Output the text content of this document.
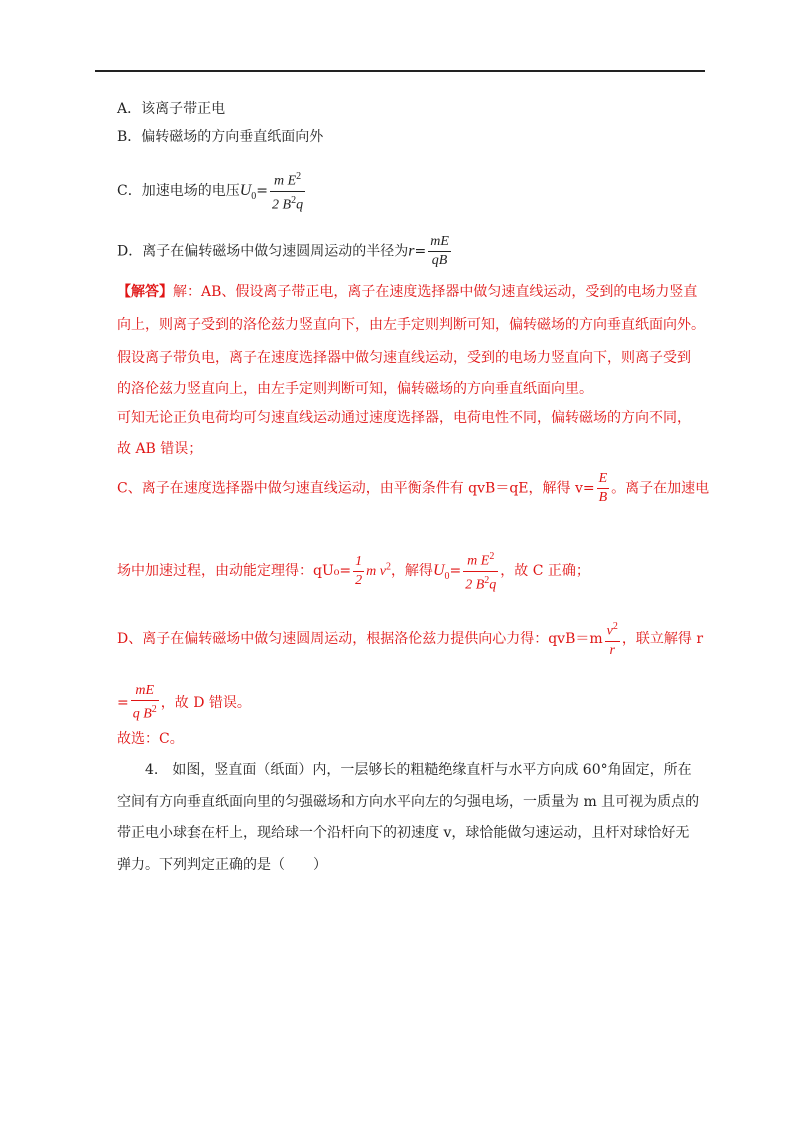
A．该离子带正电
B．偏转磁场的方向垂直纸面向外
C．加速电场的电压$U_0= \frac{m E^2}{2 B^2q}$
D．离子在偏转磁场中做匀速圆周运动的半径为$r= \frac{mE}{qB}$
【解答】解：AB、假设离子带正电，离子在速度选择器中做匀速直线运动，受到的电场力竖直
向上，则离子受到的洛伦兹力竖直向下，由左手定则判断可知，偏转磁场的方向垂直纸面向外。
假设离子带负电，离子在速度选择器中做匀速直线运动，受到的电场力竖直向下，则离子受到
的洛伦兹力竖直向上，由左手定则判断可知，偏转磁场的方向垂直纸面向里。
可知无论正负电荷均可匀速直线运动通过速度选择器，电荷电性不同，偏转磁场的方向不同，
故 AB 错误；
C、离子在速度选择器中做匀速直线运动，由平衡条件有 qvB＝qE，解得 $v= \frac{E}{B}$ 。离子在加速电
场中加速过程，由动能定理得：$qU_0= \frac{1}{2}$ m $v^2$，解得$U_0= \frac{m E^2}{2 B^2q}$ ，故 C 正确；
D、离子在偏转磁场中做匀速圆周运动，根据洛伦兹力提供向心力得：$qvB=m \frac{v^2}{r}$ ，联立解得 r
= $\frac{mE}{q B^2}$ ，故 D 错误。
故选：C。
4.　如图，竖直面（纸面）内，一层够长的粗糙绝缘直杆与水平方向成 60°角固定，所在
空间有方向垂直纸面向里的匀强磁场和方向水平向左的匀强电场，一质量为 m 且可视为质点的
带正电小球套在杆上，现给球一个沿杆向下的初速度 v，球恰能做匀速运动，且杆对球恰好无
弹力。下列判定正确的是（　　）
